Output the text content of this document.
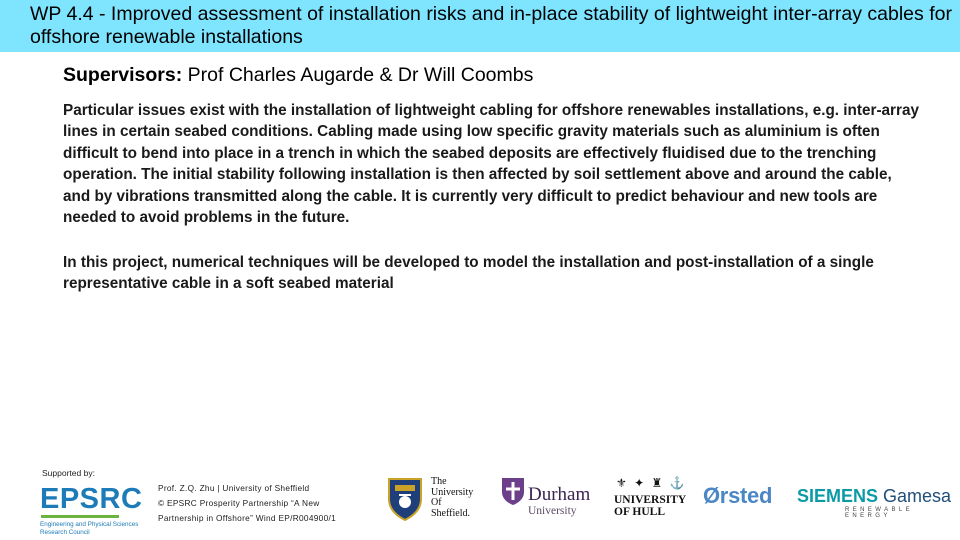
WP 4.4 - Improved assessment of installation risks and in-place stability of lightweight inter-array cables for offshore renewable installations
Supervisors: Prof Charles Augarde & Dr Will Coombs

Particular issues exist with the installation of lightweight cabling for offshore renewables installations, e.g. inter-array lines in certain seabed conditions. Cabling made using low specific gravity materials such as aluminium is often difficult to bend into place in a trench in which the seabed deposits are effectively fluidised due to the trenching operation. The initial stability following installation is then affected by soil settlement above and around the cable, and by vibrations transmitted along the cable. It is currently very difficult to predict behaviour and new tools are needed to avoid problems in the future.

In this project, numerical techniques will be developed to model the installation and post-installation of a single representative cable in a soft seabed material

Supported by:
EPSRC
Engineering and Physical Sciences Research Council
Prof. Z.Q. Zhu | University of Sheffield
© EPSRC Prosperity Partnership “A New
Partnership in Offshore” Wind EP/R004900/1
The
University
Of
Sheffield.
Durham
University
⚜ ✦ ♜ ⚓
UNIVERSITY
OF HULL
Ørsted SIEMENS Gamesa
RENEWABLE ENERGY
